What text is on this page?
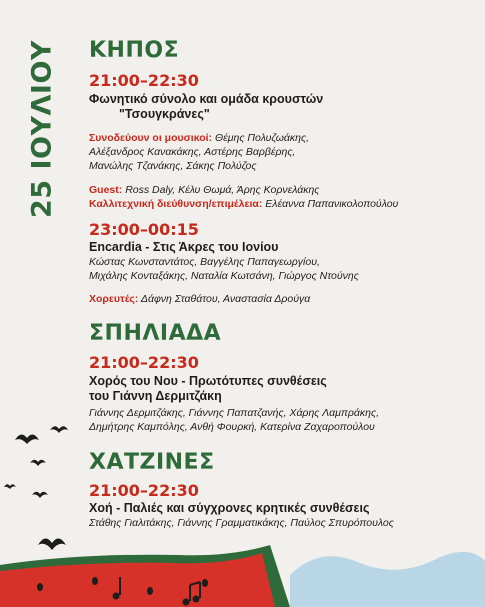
25 ΙΟΥΛΙΟΥ ΚΗΠΟΣ
21:00–22:30
Φωνητικό σύνολο και ομάδα κρουστών
"Τσουγκράνες"
Συνοδεύουν οι μουσικοί: Θέμης Πολυζωάκης,
Αλέξανδρος Κανακάκης, Αστέρης Βαρβέρης,
Μανώλης Τζανάκης, Σάκης Πολύζος
Guest: Ross Daly, Κέλυ Θωμά, Άρης Κορνελάκης
Καλλιτεχνική διεύθυνση/επιμέλεια: Ελέαννα Παπανικολοπούλου
23:00–00:15
Encardia - Στις Άκρες του Ιονίου
Κώστας Κωνσταντάτος, Βαγγέλης Παπαγεωργίου,
Μιχάλης Κονταξάκης, Ναταλία Κωτσάνη, Γιώργος Ντούνης
Χορευτές: Δάφνη Σταθάτου, Αναστασία Δρούγα
ΣΠΗΛΙΑΔΑ
21:00–22:30
Χορός του Νου - Πρωτότυπες συνθέσεις
του Γιάννη Δερμιτζάκη
Γιάννης Δερμιτζάκης, Γιάννης Παπατζανής, Χάρης Λαμπράκης,
Δημήτρης Καμπόλης, Ανθή Φουρκή, Κατερίνα Ζαχαροπούλου
ΧΑΤΖΙΝΕΣ
21:00–22:30
Χοή - Παλιές και σύγχρονες κρητικές συνθέσεις
Στάθης Γιαλιτάκης, Γιάννης Γραμματικάκης, Παύλος Σπυρόπουλος
